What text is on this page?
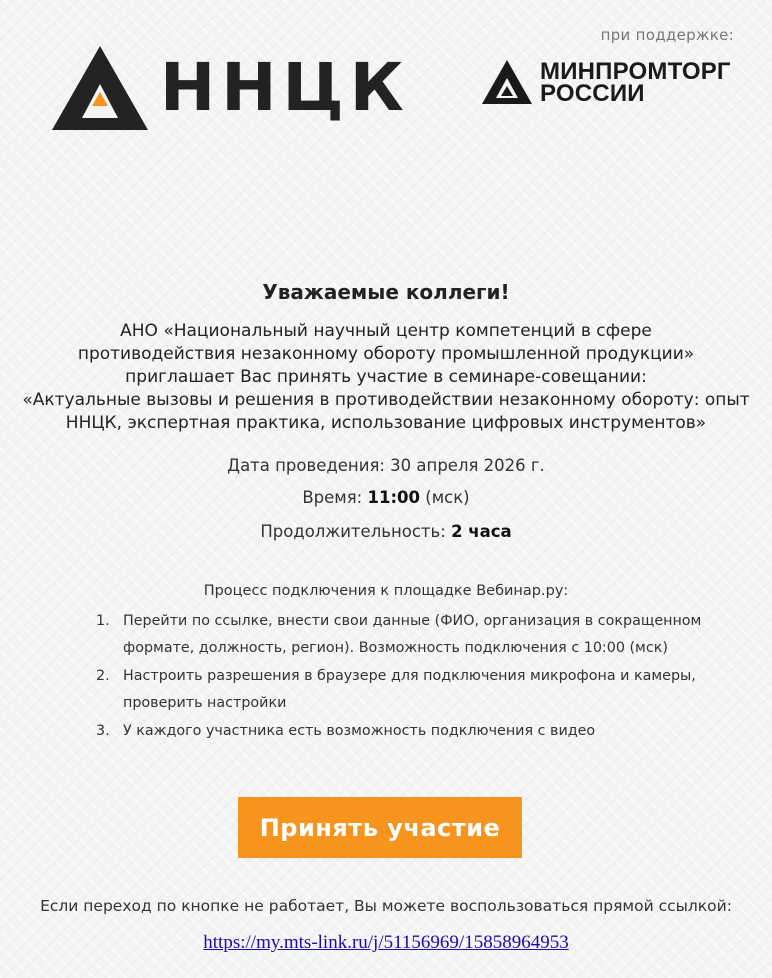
при поддержке:
ННЦК	МИНПРОМТОРГ
РОССИИ
Уважаемые коллеги!
АНО «Национальный научный центр компетенций в сфере
противодействия незаконному обороту промышленной продукции»
приглашает Вас принять участие в семинаре-совещании:
«Актуальные вызовы и решения в противодействии незаконному обороту: опыт
ННЦК, экспертная практика, использование цифровых инструментов»
Дата проведения: 30 апреля 2026 г.
Время: 11:00 (мск)
Продолжительность: 2 часа
Процесс подключения к площадке Вебинар.ру:
1. Перейти по ссылке, внести свои данные (ФИО, организация в сокращенном
формате, должность, регион). Возможность подключения с 10:00 (мск)
2. Настроить разрешения в браузере для подключения микрофона и камеры,
проверить настройки
3. У каждого участника есть возможность подключения с видео
Принять участие
Если переход по кнопке не работает, Вы можете воспользоваться прямой ссылкой:
https://my.mts-link.ru/j/51156969/15858964953
